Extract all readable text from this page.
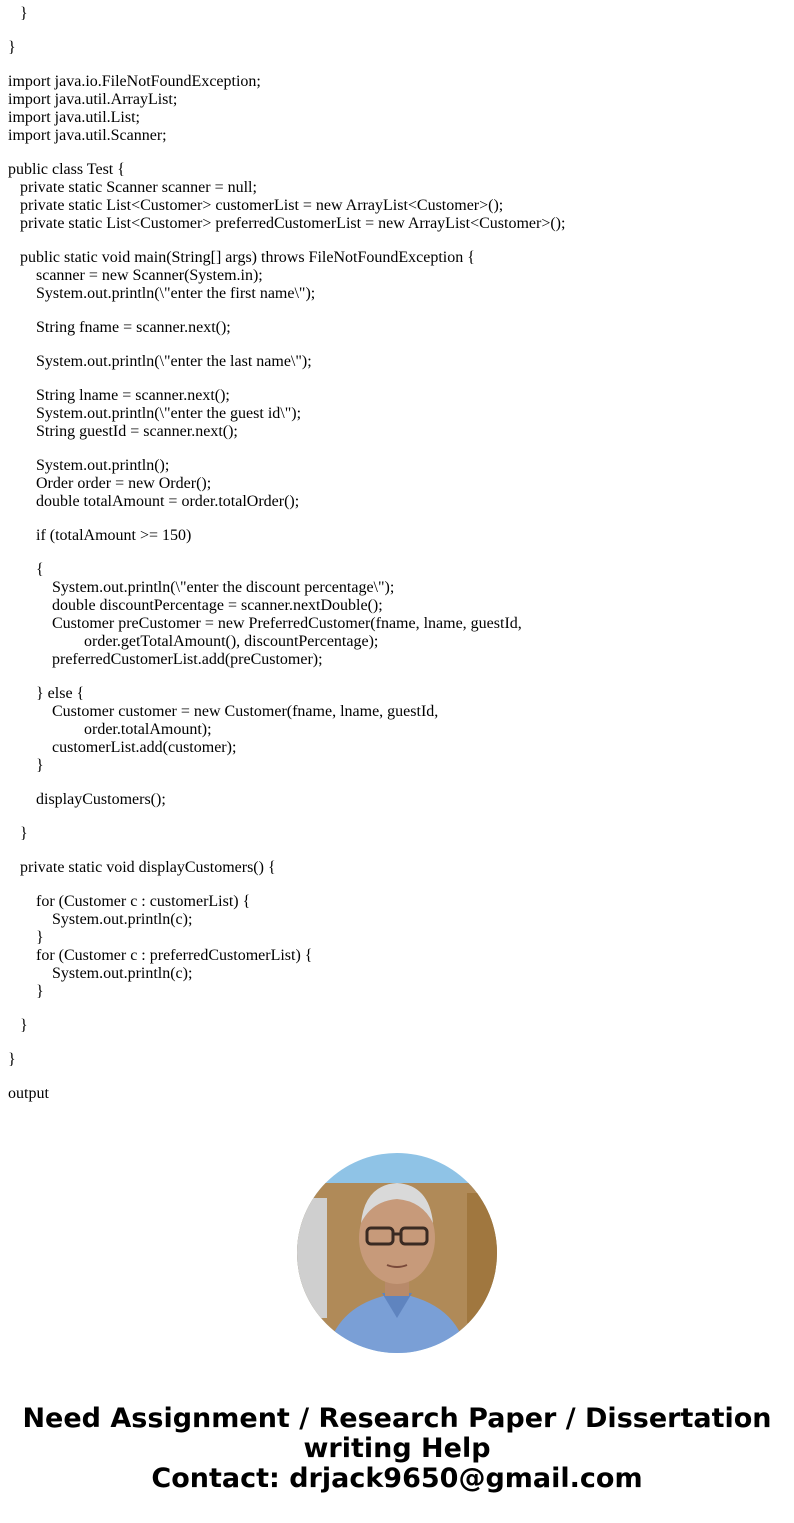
}
}
import java.io.FileNotFoundException;
import java.util.ArrayList;
import java.util.List;
import java.util.Scanner;
public class Test {
private static Scanner scanner = null;
private static List<Customer> customerList = new ArrayList<Customer>();
private static List<Customer> preferredCustomerList = new ArrayList<Customer>();
public static void main(String[] args) throws FileNotFoundException {
scanner = new Scanner(System.in);
System.out.println(\"enter the first name\");
String fname = scanner.next();
System.out.println(\"enter the last name\");
String lname = scanner.next();
System.out.println(\"enter the guest id\");
String guestId = scanner.next();
System.out.println();
Order order = new Order();
double totalAmount = order.totalOrder();
if (totalAmount >= 150)
{
System.out.println(\"enter the discount percentage\");
double discountPercentage = scanner.nextDouble();
Customer preCustomer = new PreferredCustomer(fname, lname, guestId,
order.getTotalAmount(), discountPercentage);
preferredCustomerList.add(preCustomer);
} else {
Customer customer = new Customer(fname, lname, guestId,
order.totalAmount);
customerList.add(customer);
}
displayCustomers();
}
private static void displayCustomers() {
for (Customer c : customerList) {
System.out.println(c);
}
for (Customer c : preferredCustomerList) {
System.out.println(c);
}
}
}
output
Need Assignment / Research Paper / Dissertation
writing Help
Contact: drjack9650@gmail.com
